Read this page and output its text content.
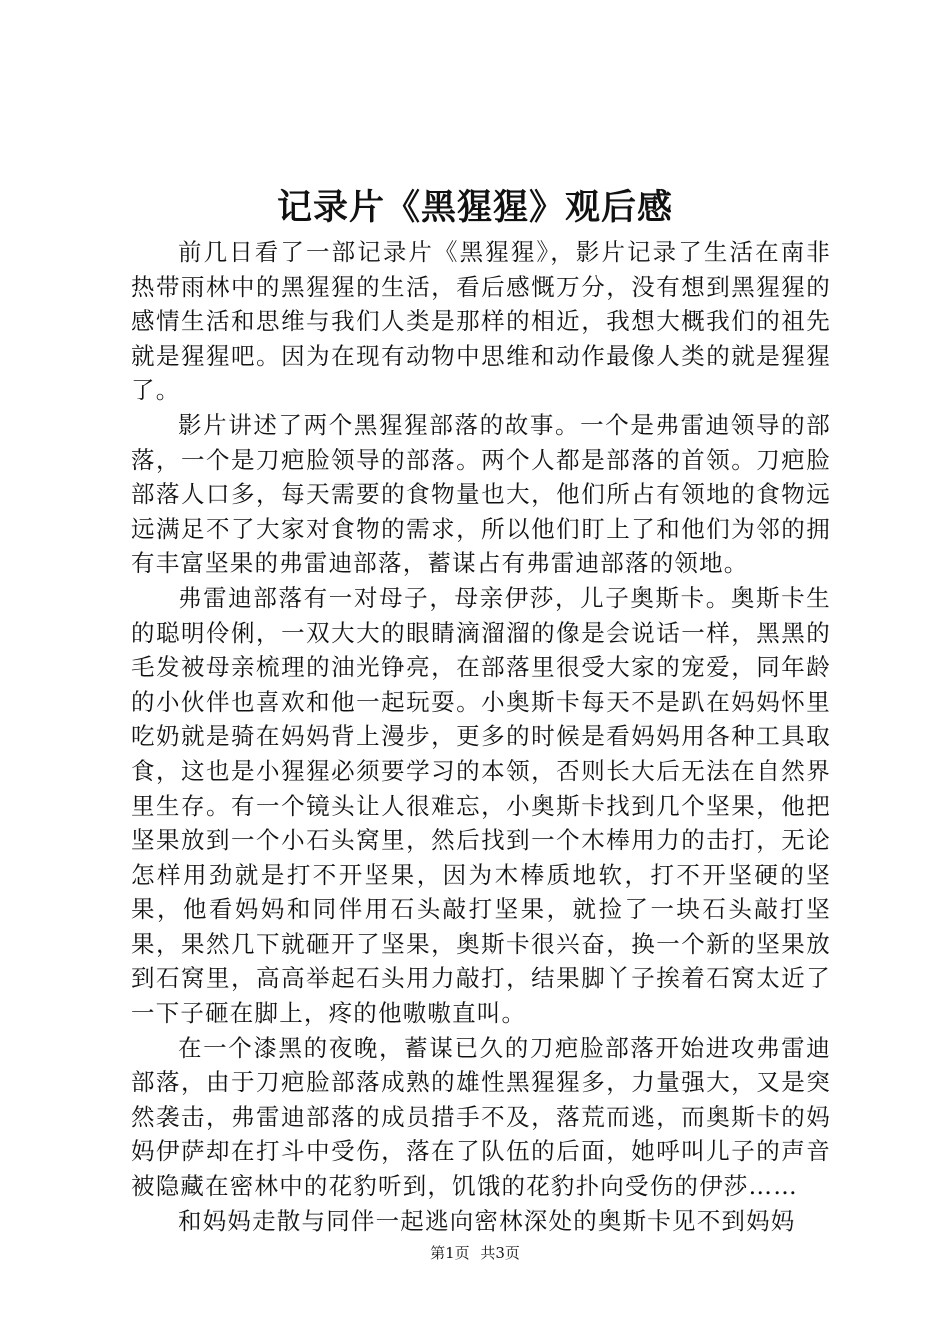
记录片《黑猩猩》观后感

前几日看了一部记录片《黑猩猩》，影片记录了生活在南非热带雨林中的黑猩猩的生活，看后感慨万分，没有想到黑猩猩的感情生活和思维与我们人类是那样的相近，我想大概我们的祖先就是猩猩吧。因为在现有动物中思维和动作最像人类的就是猩猩了。

影片讲述了两个黑猩猩部落的故事。一个是弗雷迪领导的部落，一个是刀疤脸领导的部落。两个人都是部落的首领。刀疤脸部落人口多，每天需要的食物量也大，他们所占有领地的食物远远满足不了大家对食物的需求，所以他们盯上了和他们为邻的拥有丰富坚果的弗雷迪部落，蓄谋占有弗雷迪部落的领地。

弗雷迪部落有一对母子，母亲伊莎，儿子奥斯卡。奥斯卡生的聪明伶俐，一双大大的眼睛滴溜溜的像是会说话一样，黑黑的毛发被母亲梳理的油光铮亮，在部落里很受大家的宠爱，同年龄的小伙伴也喜欢和他一起玩耍。小奥斯卡每天不是趴在妈妈怀里吃奶就是骑在妈妈背上漫步，更多的时候是看妈妈用各种工具取食，这也是小猩猩必须要学习的本领，否则长大后无法在自然界里生存。有一个镜头让人很难忘，小奥斯卡找到几个坚果，他把坚果放到一个小石头窝里，然后找到一个木棒用力的击打，无论怎样用劲就是打不开坚果，因为木棒质地软，打不开坚硬的坚果，他看妈妈和同伴用石头敲打坚果，就捡了一块石头敲打坚果，果然几下就砸开了坚果，奥斯卡很兴奋，换一个新的坚果放到石窝里，高高举起石头用力敲打，结果脚丫子挨着石窝太近了一下子砸在脚上，疼的他嗷嗷直叫。

在一个漆黑的夜晚，蓄谋已久的刀疤脸部落开始进攻弗雷迪部落，由于刀疤脸部落成熟的雄性黑猩猩多，力量强大，又是突然袭击，弗雷迪部落的成员措手不及，落荒而逃，而奥斯卡的妈妈伊萨却在打斗中受伤，落在了队伍的后面，她呼叫儿子的声音被隐藏在密林中的花豹听到，饥饿的花豹扑向受伤的伊莎……

和妈妈走散与同伴一起逃向密林深处的奥斯卡见不到妈妈

第1页 共3页
